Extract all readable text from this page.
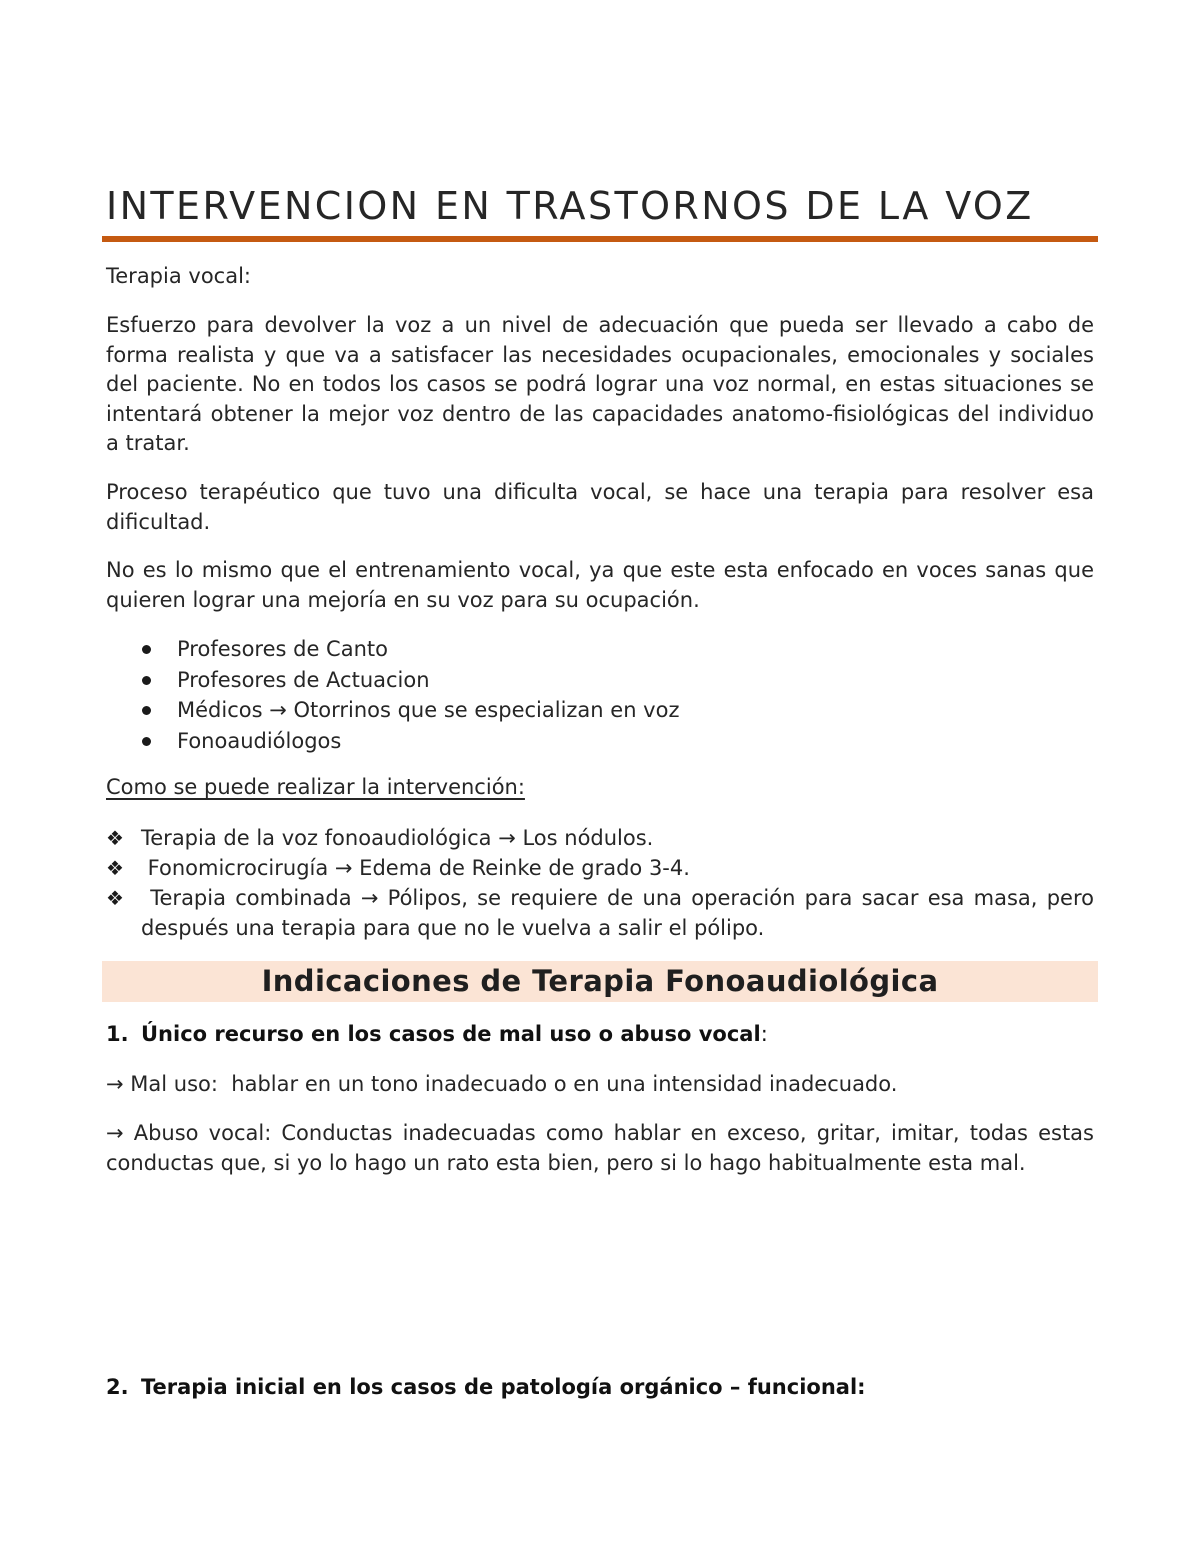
INTERVENCION EN TRASTORNOS DE LA VOZ

Terapia vocal:

Esfuerzo para devolver la voz a un nivel de adecuación que pueda ser llevado a cabo de forma realista y que va a satisfacer las necesidades ocupacionales, emocionales y sociales del paciente. No en todos los casos se podrá lograr una voz normal, en estas situaciones se intentará obtener la mejor voz dentro de las capacidades anatomo-fisiológicas del individuo a tratar.

Proceso terapéutico que tuvo una dificulta vocal, se hace una terapia para resolver esa dificultad.

No es lo mismo que el entrenamiento vocal, ya que este esta enfocado en voces sanas que quieren lograr una mejoría en su voz para su ocupación.

Profesores de Canto
Profesores de Actuacion
Médicos → Otorrinos que se especializan en voz
Fonoaudiólogos

Como se puede realizar la intervención:

❖ Terapia de la voz fonoaudiológica → Los nódulos.
❖ Fonomicrocirugía → Edema de Reinke de grado 3-4.
❖ Terapia combinada → Pólipos, se requiere de una operación para sacar esa masa, pero después una terapia para que no le vuelva a salir el pólipo.
Indicaciones de Terapia Fonoaudiológica

1. Único recurso en los casos de mal uso o abuso vocal:

→ Mal uso:  hablar en un tono inadecuado o en una intensidad inadecuado.

→ Abuso vocal: Conductas inadecuadas como hablar en exceso, gritar, imitar, todas estas conductas que, si yo lo hago un rato esta bien, pero si lo hago habitualmente esta mal.

2. Terapia inicial en los casos de patología orgánico – funcional:
